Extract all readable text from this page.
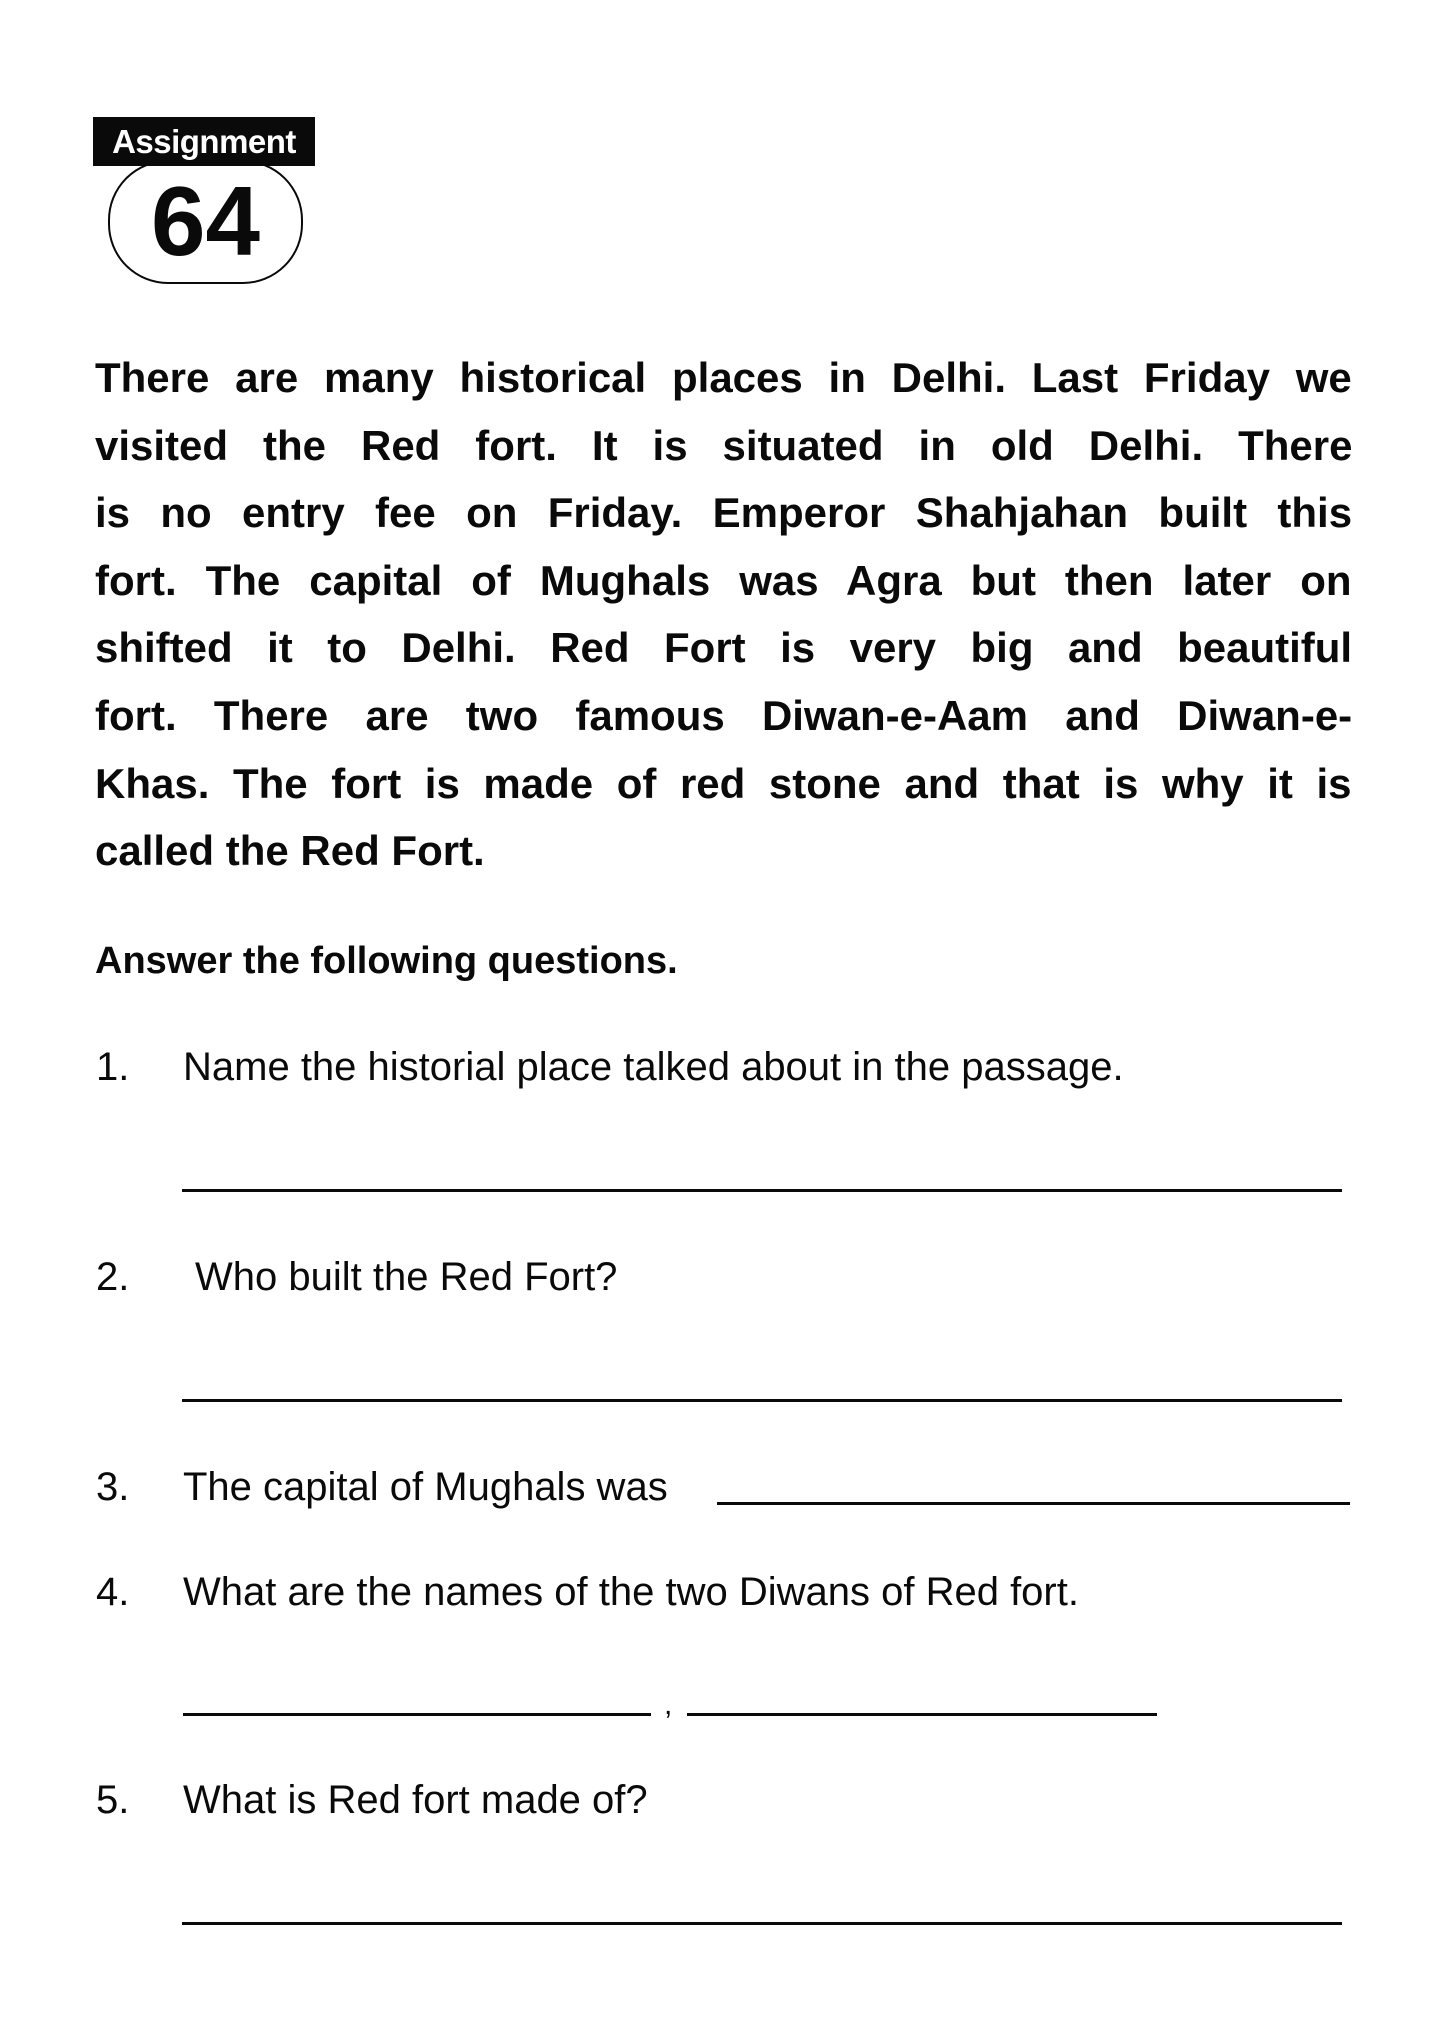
Assignment
64
There are many historical places in Delhi. Last Friday we
visited the Red fort. It is situated in old Delhi. There
is no entry fee on Friday. Emperor Shahjahan built this
fort. The capital of Mughals was Agra but then later on
shifted it to Delhi. Red Fort is very big and beautiful
fort. There are two famous Diwan-e-Aam and Diwan-e-
Khas. The fort is made of red stone and that is why it is
called the Red Fort.
Answer the following questions.
1. Name the historial place talked about in the passage.
2. Who built the Red Fort?
3. The capital of Mughals was
4. What are the names of the two Diwans of Red fort.
,
5. What is Red fort made of?
